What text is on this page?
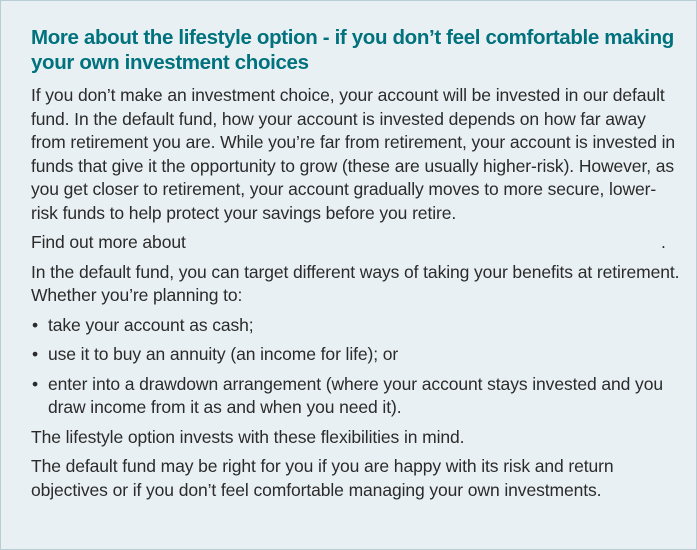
More about the lifestyle option - if you don’t feel comfortable making your own investment choices

If you don’t make an investment choice, your account will be invested in our default fund. In the default fund, how your account is invested depends on how far away from retirement you are. While you’re far from retirement, your account is invested in funds that give it the opportunity to grow (these are usually higher-risk). However, as you get closer to retirement, your account gradually moves to more secure, lower-risk funds to help protect your savings before you retire.

Find out more about	.

In the default fund, you can target different ways of taking your benefits at retirement. Whether you’re planning to:

• take your account as cash;
• use it to buy an annuity (an income for life); or
• enter into a drawdown arrangement (where your account stays invested and you draw income from it as and when you need it).

The lifestyle option invests with these flexibilities in mind.

The default fund may be right for you if you are happy with its risk and return objectives or if you don’t feel comfortable managing your own investments.
